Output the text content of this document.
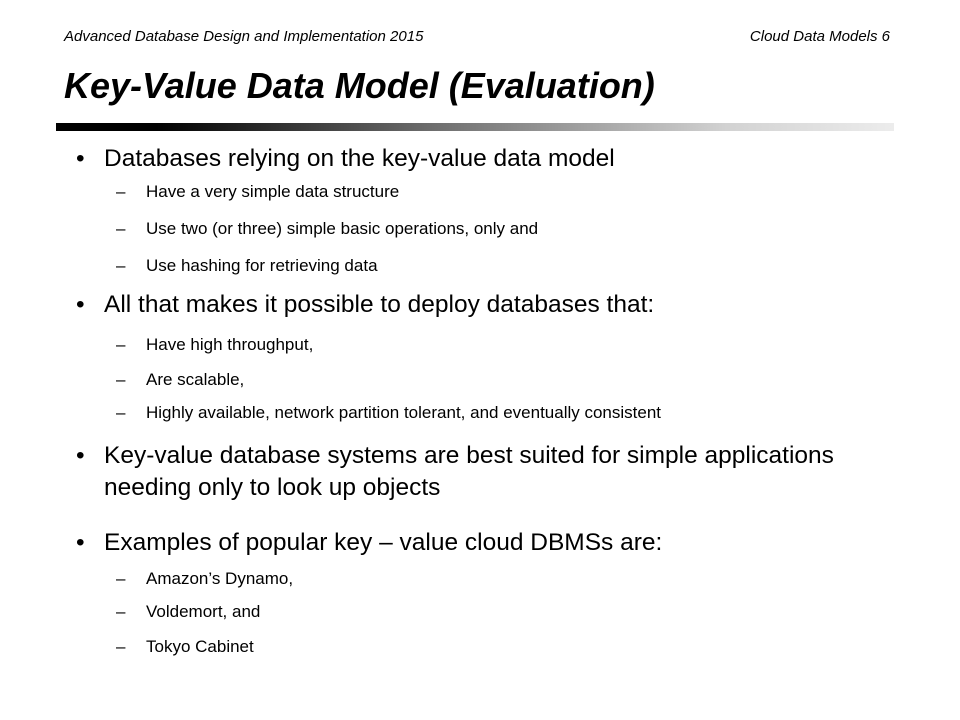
Advanced Database Design and Implementation 2015	Cloud Data Models 6
Key-Value Data Model (Evaluation)
• Databases relying on the key-value data model
–	Have a very simple data structure
–	Use two (or three) simple basic operations, only and
–	Use hashing for retrieving data
• All that makes it possible to deploy databases that:
–	Have high throughput,
–	Are scalable,
–	Highly available, network partition tolerant, and eventually consistent
• Key-value database systems are best suited for simple applications needing only to look up objects
• Examples of popular key – value cloud DBMSs are:
–	Amazon’s Dynamo,
–	Voldemort, and
–	Tokyo Cabinet
